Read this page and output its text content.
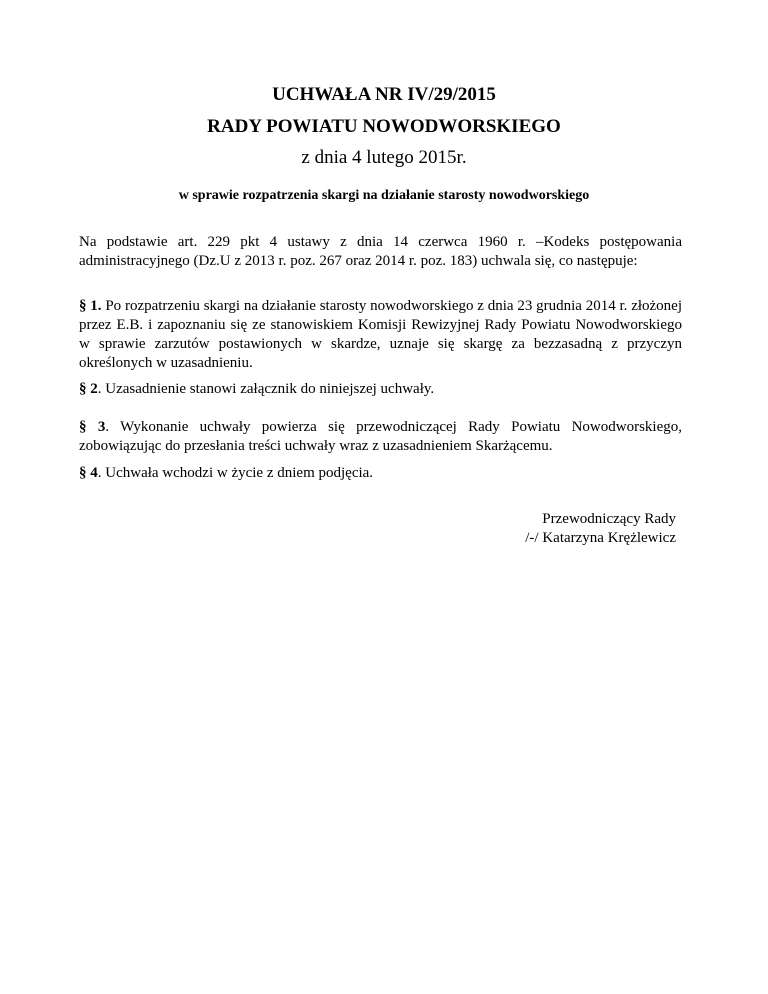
UCHWAŁA NR IV/29/2015
RADY POWIATU NOWODWORSKIEGO
z dnia 4 lutego 2015r.
w sprawie rozpatrzenia skargi na działanie starosty nowodworskiego
Na podstawie art. 229 pkt 4 ustawy z dnia 14 czerwca 1960 r. –Kodeks postępowania administracyjnego (Dz.U z 2013 r. poz. 267 oraz 2014 r. poz. 183) uchwala się, co następuje:
§ 1. Po rozpatrzeniu skargi na działanie starosty nowodworskiego z dnia 23 grudnia 2014 r. złożonej przez E.B. i zapoznaniu się ze stanowiskiem Komisji Rewizyjnej Rady Powiatu Nowodworskiego w sprawie zarzutów postawionych w skardze, uznaje się skargę za bezzasadną z przyczyn określonych w uzasadnieniu.
§ 2. Uzasadnienie stanowi załącznik do niniejszej uchwały.
§ 3. Wykonanie uchwały powierza się przewodniczącej Rady Powiatu Nowodworskiego, zobowiązując do przesłania treści uchwały wraz z uzasadnieniem Skarżącemu.
§ 4. Uchwała wchodzi w życie z dniem podjęcia.
Przewodniczący Rady
/-/ Katarzyna Krężlewicz
